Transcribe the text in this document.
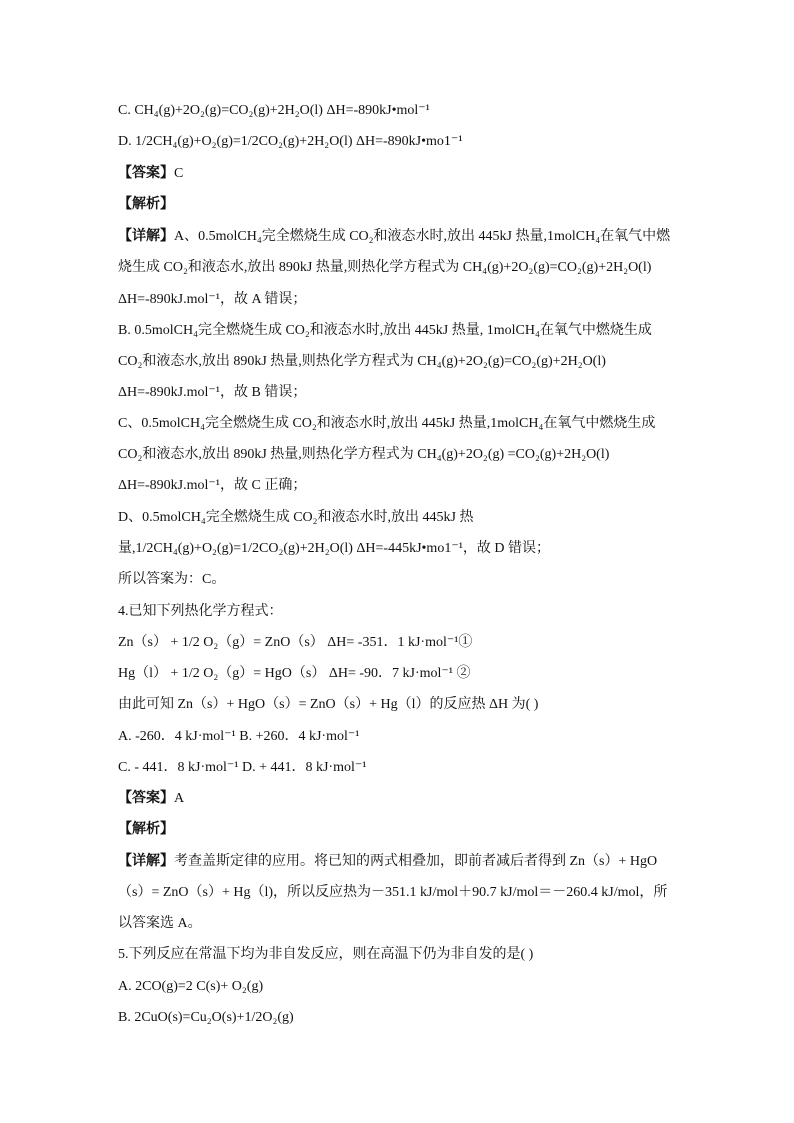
C. CH₄(g)+2O₂(g)=CO₂(g)+2H₂O(l) ΔH=-890kJ•mol⁻¹
D. 1/2CH₄(g)+O₂(g)=1/2CO₂(g)+2H₂O(l) ΔH=-890kJ•mo1⁻¹
【答案】C
【解析】
【详解】A、0.5molCH₄完全燃烧生成 CO₂和液态水时,放出 445kJ 热量,1molCH₄在氧气中燃
烧生成 CO₂和液态水,放出 890kJ 热量,则热化学方程式为 CH₄(g)+2O₂(g)=CO₂(g)+2H₂O(l)
ΔH=-890kJ.mol⁻¹，故 A 错误；
B. 0.5molCH₄完全燃烧生成 CO₂和液态水时,放出 445kJ 热量, 1molCH₄在氧气中燃烧生成
CO₂和液态水,放出 890kJ 热量,则热化学方程式为 CH₄(g)+2O₂(g)=CO₂(g)+2H₂O(l)
ΔH=-890kJ.mol⁻¹，故 B 错误；
C、0.5molCH₄完全燃烧生成 CO₂和液态水时,放出 445kJ 热量,1molCH₄在氧气中燃烧生成
CO₂和液态水,放出 890kJ 热量,则热化学方程式为 CH₄(g)+2O₂(g) =CO₂(g)+2H₂O(l)
ΔH=-890kJ.mol⁻¹，故 C 正确；
D、0.5molCH₄完全燃烧生成 CO₂和液态水时,放出 445kJ 热
量,1/2CH₄(g)+O₂(g)=1/2CO₂(g)+2H₂O(l) ΔH=-445kJ•mo1⁻¹，故 D 错误；
所以答案为：C。
4.已知下列热化学方程式：
Zn（s） + 1/2 O₂（g）= ZnO（s） ΔH= -351．1 kJ·mol⁻¹①
Hg（l） + 1/2 O₂（g）= HgO（s） ΔH= -90．7 kJ·mol⁻¹ ②
由此可知 Zn（s）+ HgO（s）= ZnO（s）+ Hg（l）的反应热 ΔH 为( )
A. -260．4 kJ·mol⁻¹ B. +260．4 kJ·mol⁻¹
C. - 441．8 kJ·mol⁻¹ D. + 441．8 kJ·mol⁻¹
【答案】A
【解析】
【详解】考查盖斯定律的应用。将已知的两式相叠加，即前者减后者得到 Zn（s）+ HgO
（s）= ZnO（s）+ Hg（l)，所以反应热为－351.1 kJ/mol＋90.7 kJ/mol＝－260.4 kJ/mol，所
以答案选 A。
5.下列反应在常温下均为非自发反应，则在高温下仍为非自发的是( )
A. 2CO(g)=2 C(s)+ O₂(g)
B. 2CuO(s)=Cu₂O(s)+1/2O₂(g)
